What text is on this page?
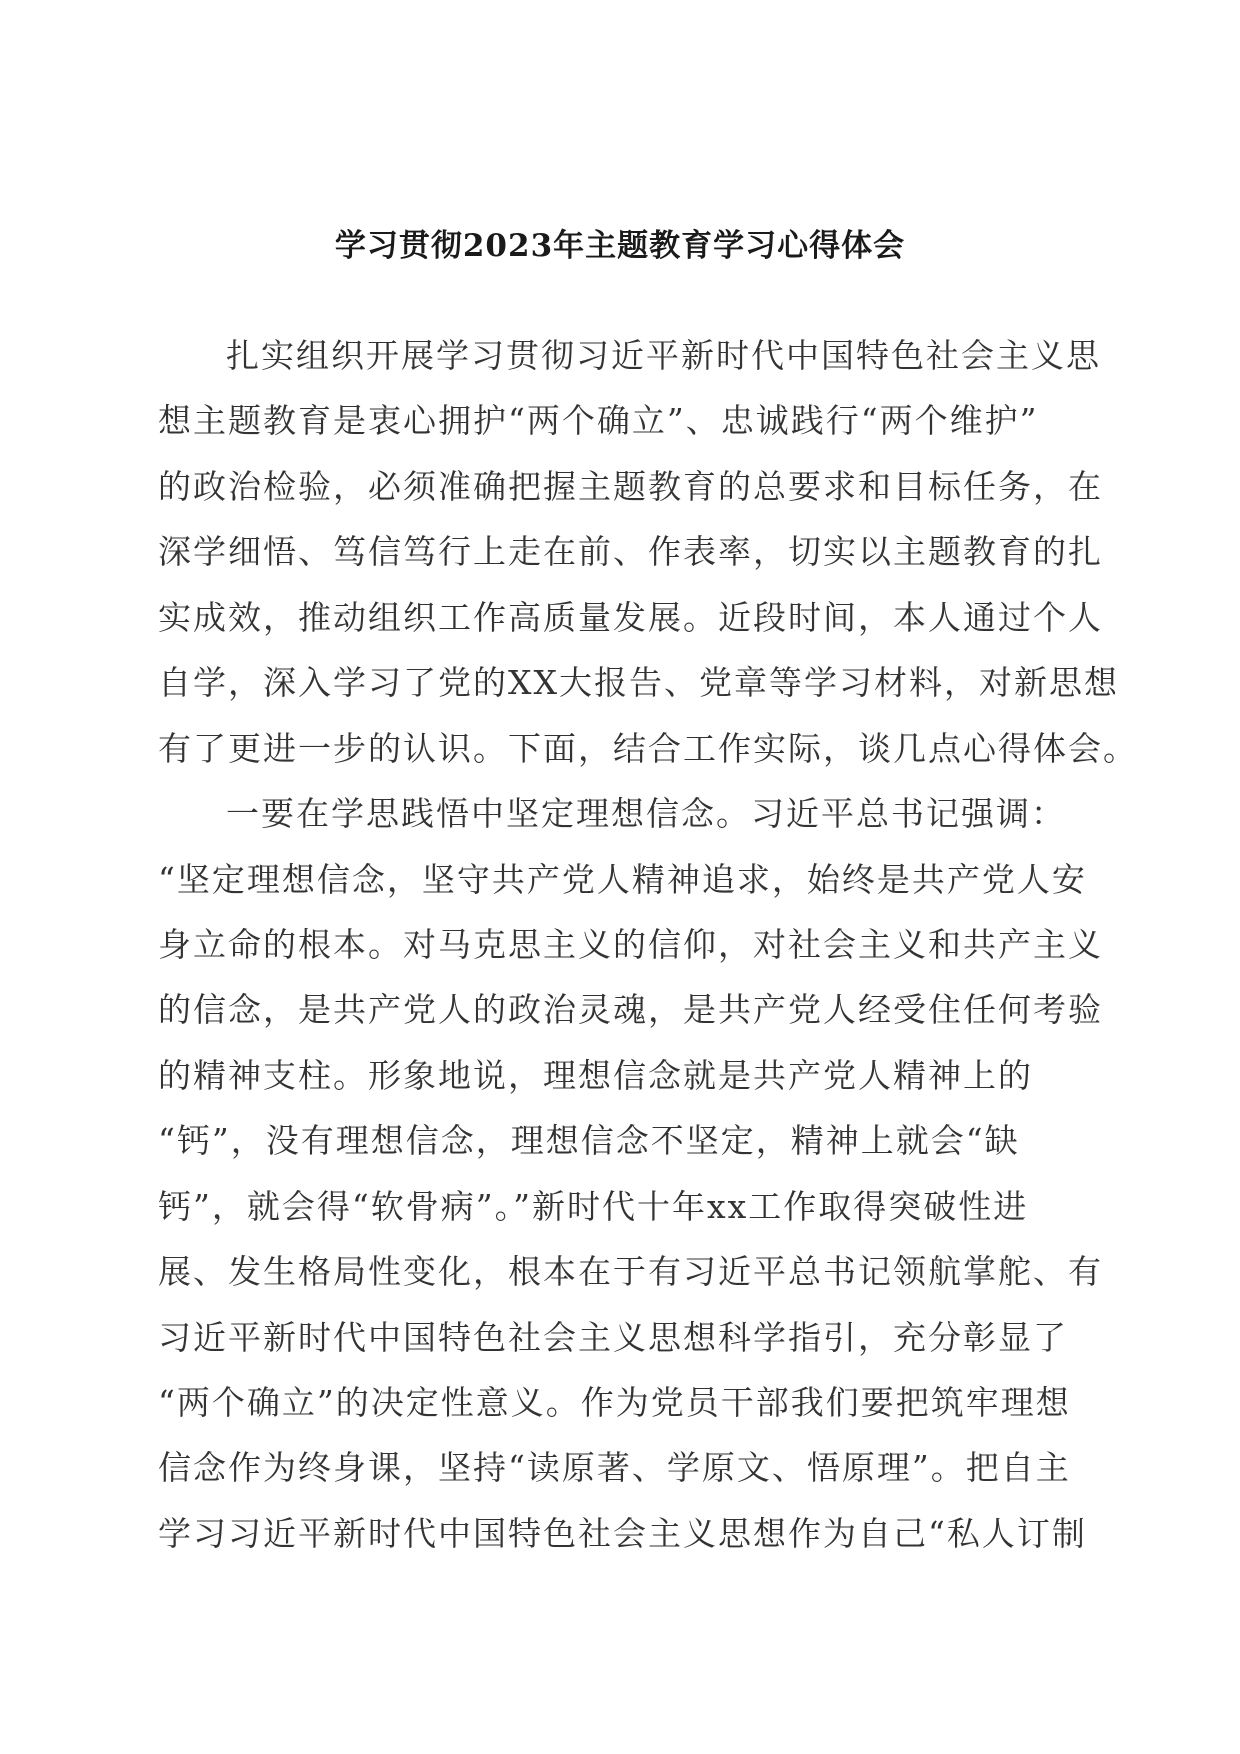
学习贯彻2023年主题教育学习心得体会
扎实组织开展学习贯彻习近平新时代中国特色社会主义思
想主题教育是衷心拥护“两个确立”、忠诚践行“两个维护”
的政治检验，必须准确把握主题教育的总要求和目标任务，在
深学细悟、笃信笃行上走在前、作表率，切实以主题教育的扎
实成效，推动组织工作高质量发展。近段时间，本人通过个人
自学，深入学习了党的XX大报告、党章等学习材料，对新思想
有了更进一步的认识。下面，结合工作实际，谈几点心得体会。
一要在学思践悟中坚定理想信念。习近平总书记强调：
“坚定理想信念，坚守共产党人精神追求，始终是共产党人安
身立命的根本。对马克思主义的信仰，对社会主义和共产主义
的信念，是共产党人的政治灵魂，是共产党人经受住任何考验
的精神支柱。形象地说，理想信念就是共产党人精神上的
“钙”，没有理想信念，理想信念不坚定，精神上就会“缺
钙”，就会得“软骨病”。”新时代十年xx工作取得突破性进
展、发生格局性变化，根本在于有习近平总书记领航掌舵、有
习近平新时代中国特色社会主义思想科学指引，充分彰显了
“两个确立”的决定性意义。作为党员干部我们要把筑牢理想
信念作为终身课，坚持“读原著、学原文、悟原理”。把自主
学习习近平新时代中国特色社会主义思想作为自己“私人订制
